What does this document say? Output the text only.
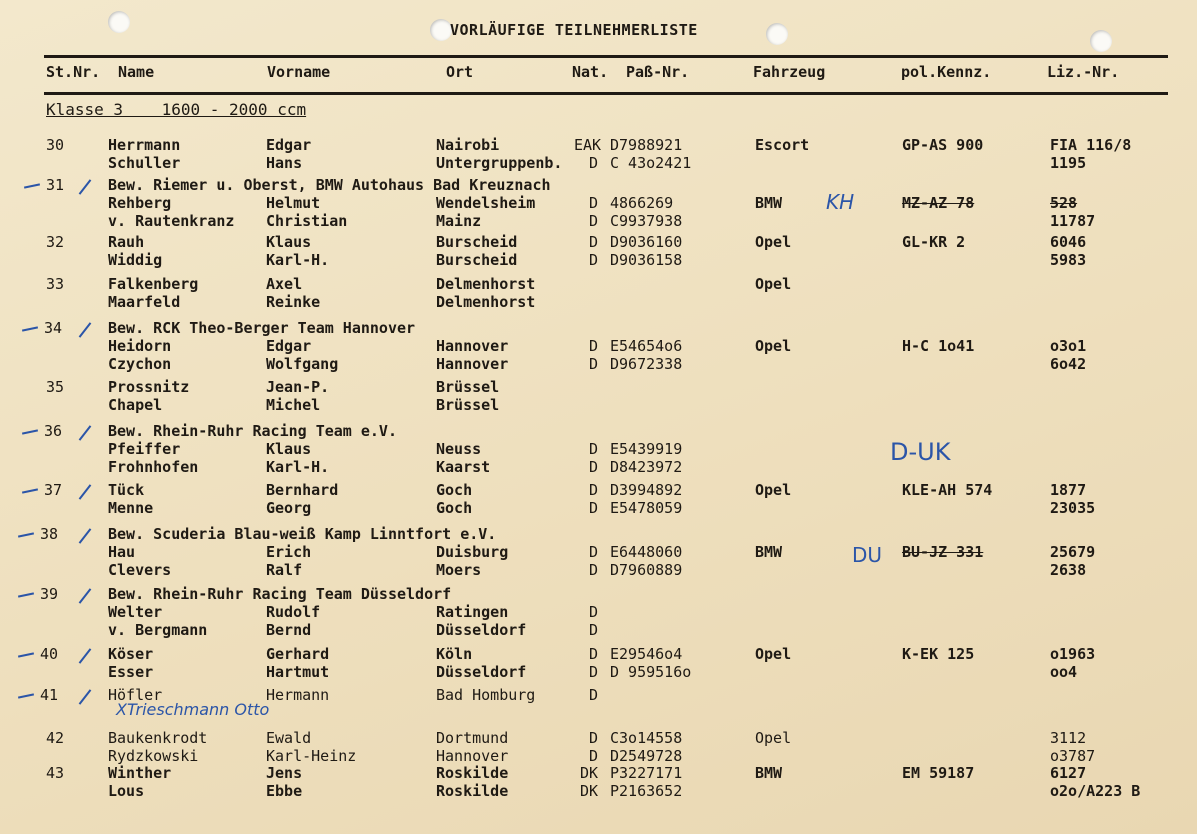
VORLÄUFIGE TEILNEHMERLISTE
St.Nr. Name	Vorname	Ort	Nat. Paß-Nr.	Fahrzeug	pol.Kennz.	Liz.-Nr.
Klasse 3    1600 - 2000 ccm
30	Herrmann	Edgar	Nairobi	EAK D7988921	Escort	GP-AS 900	FIA 116/8
Schuller	Hans	Untergruppenb.	D C 43o2421	1195
31	Bew. Riemer u. Oberst, BMW Autohaus Bad Kreuznach
Rehberg	Helmut	Wendelsheim	D 4866269	BMW	MZ-AZ 78	528
v. Rautenkranz Christian	Mainz	D C9937938	11787
32	Rauh	Klaus	Burscheid	D D9036160	Opel	GL-KR 2	6046
Widdig	Karl-H.	Burscheid	D D9036158	5983
33	Falkenberg	Axel	Delmenhorst	Opel
Maarfeld	Reinke	Delmenhorst
34	Bew. RCK Theo-Berger Team Hannover
Heidorn	Edgar	Hannover	D E54654o6	Opel	H-C 1o41	o3o1
Czychon	Wolfgang	Hannover	D D9672338	6o42
35	Prossnitz	Jean-P.	Brüssel
Chapel	Michel	Brüssel
36	Bew. Rhein-Ruhr Racing Team e.V.
Pfeiffer	Klaus	Neuss	D E5439919
Frohnhofen	Karl-H.	Kaarst	D D8423972
37	Tück	Bernhard	Goch	D D3994892	Opel	KLE-AH 574	1877
Menne	Georg	Goch	D E5478059	23035
38	Bew. Scuderia Blau-weiß Kamp Linntfort e.V.
Hau	Erich	Duisburg	D E6448060	BMW	BU-JZ 331	25679
Clevers	Ralf	Moers	D D7960889	2638
39	Bew. Rhein-Ruhr Racing Team Düsseldorf
Welter	Rudolf	Ratingen	D
v. Bergmann	Bernd	Düsseldorf	D
40	Köser	Gerhard	Köln	D E29546o4	Opel	K-EK 125	o1963
Esser	Hartmut	Düsseldorf	D D 959516o	oo4
41	Höfler	Hermann	Bad Homburg	D
42	Baukenkrodt	Ewald	Dortmund	D C3o14558	Opel	3112
Rydzkowski	Karl-Heinz	Hannover	D D2549728	o3787
43	Winther	Jens	Roskilde	DK P3227171	BMW	EM 59187	6127
Lous	Ebbe	Roskilde	DK P2163652	o2o/A223 B
KH
D-UK
DU
XTrieschmann Otto
